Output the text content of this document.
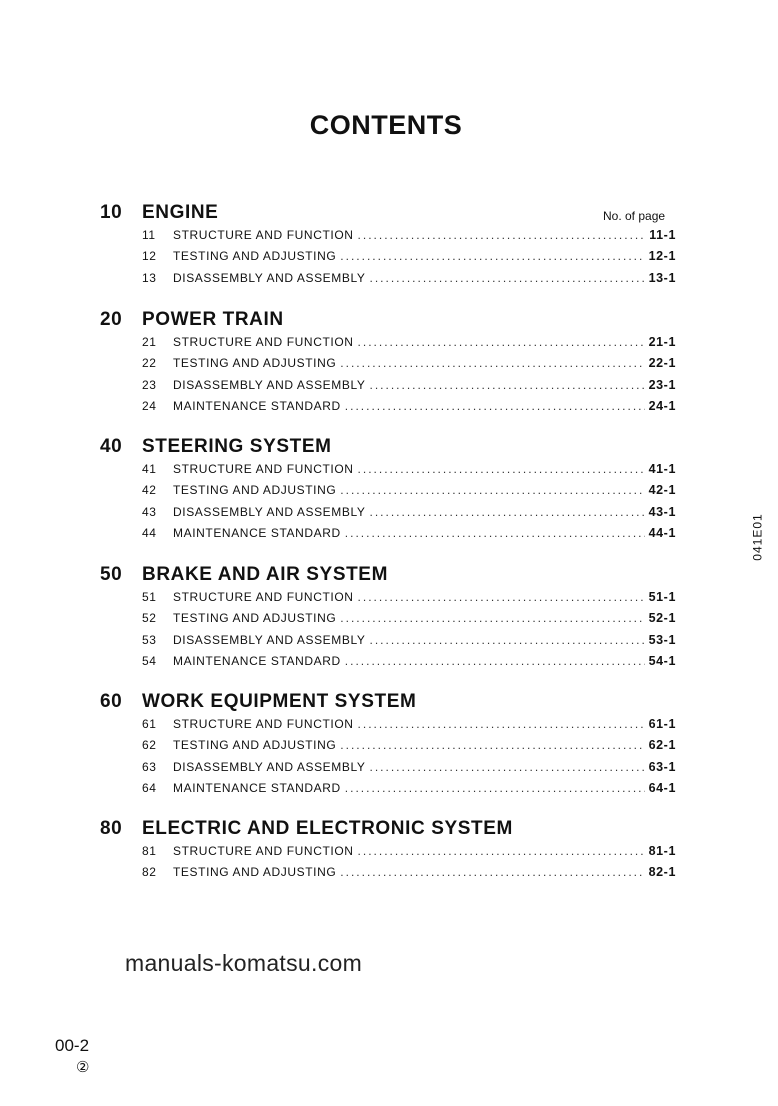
CONTENTS
No. of page
10 ENGINE
11	STRUCTURE AND FUNCTION .....	11-1
12	TESTING AND ADJUSTING .....	12-1
13	DISASSEMBLY AND ASSEMBLY .....	13-1
20 POWER TRAIN
21	STRUCTURE AND FUNCTION .....	21-1
22	TESTING AND ADJUSTING .....	22-1
23	DISASSEMBLY AND ASSEMBLY .....	23-1
24	MAINTENANCE STANDARD .....	24-1
40 STEERING SYSTEM
41	STRUCTURE AND FUNCTION .....	41-1
42	TESTING AND ADJUSTING .....	42-1
43	DISASSEMBLY AND ASSEMBLY .....	43-1
44	MAINTENANCE STANDARD .....	44-1
50 BRAKE AND AIR SYSTEM
51	STRUCTURE AND FUNCTION .....	51-1
52	TESTING AND ADJUSTING .....	52-1
53	DISASSEMBLY AND ASSEMBLY .....	53-1
54	MAINTENANCE STANDARD .....	54-1
60 WORK EQUIPMENT SYSTEM
61	STRUCTURE AND FUNCTION .....	61-1
62	TESTING AND ADJUSTING .....	62-1
63	DISASSEMBLY AND ASSEMBLY .....	63-1
64	MAINTENANCE STANDARD .....	64-1
80 ELECTRIC AND ELECTRONIC SYSTEM
81	STRUCTURE AND FUNCTION .....	81-1
82	TESTING AND ADJUSTING .....	82-1
manuals-komatsu.com
041E01
00-2
②
